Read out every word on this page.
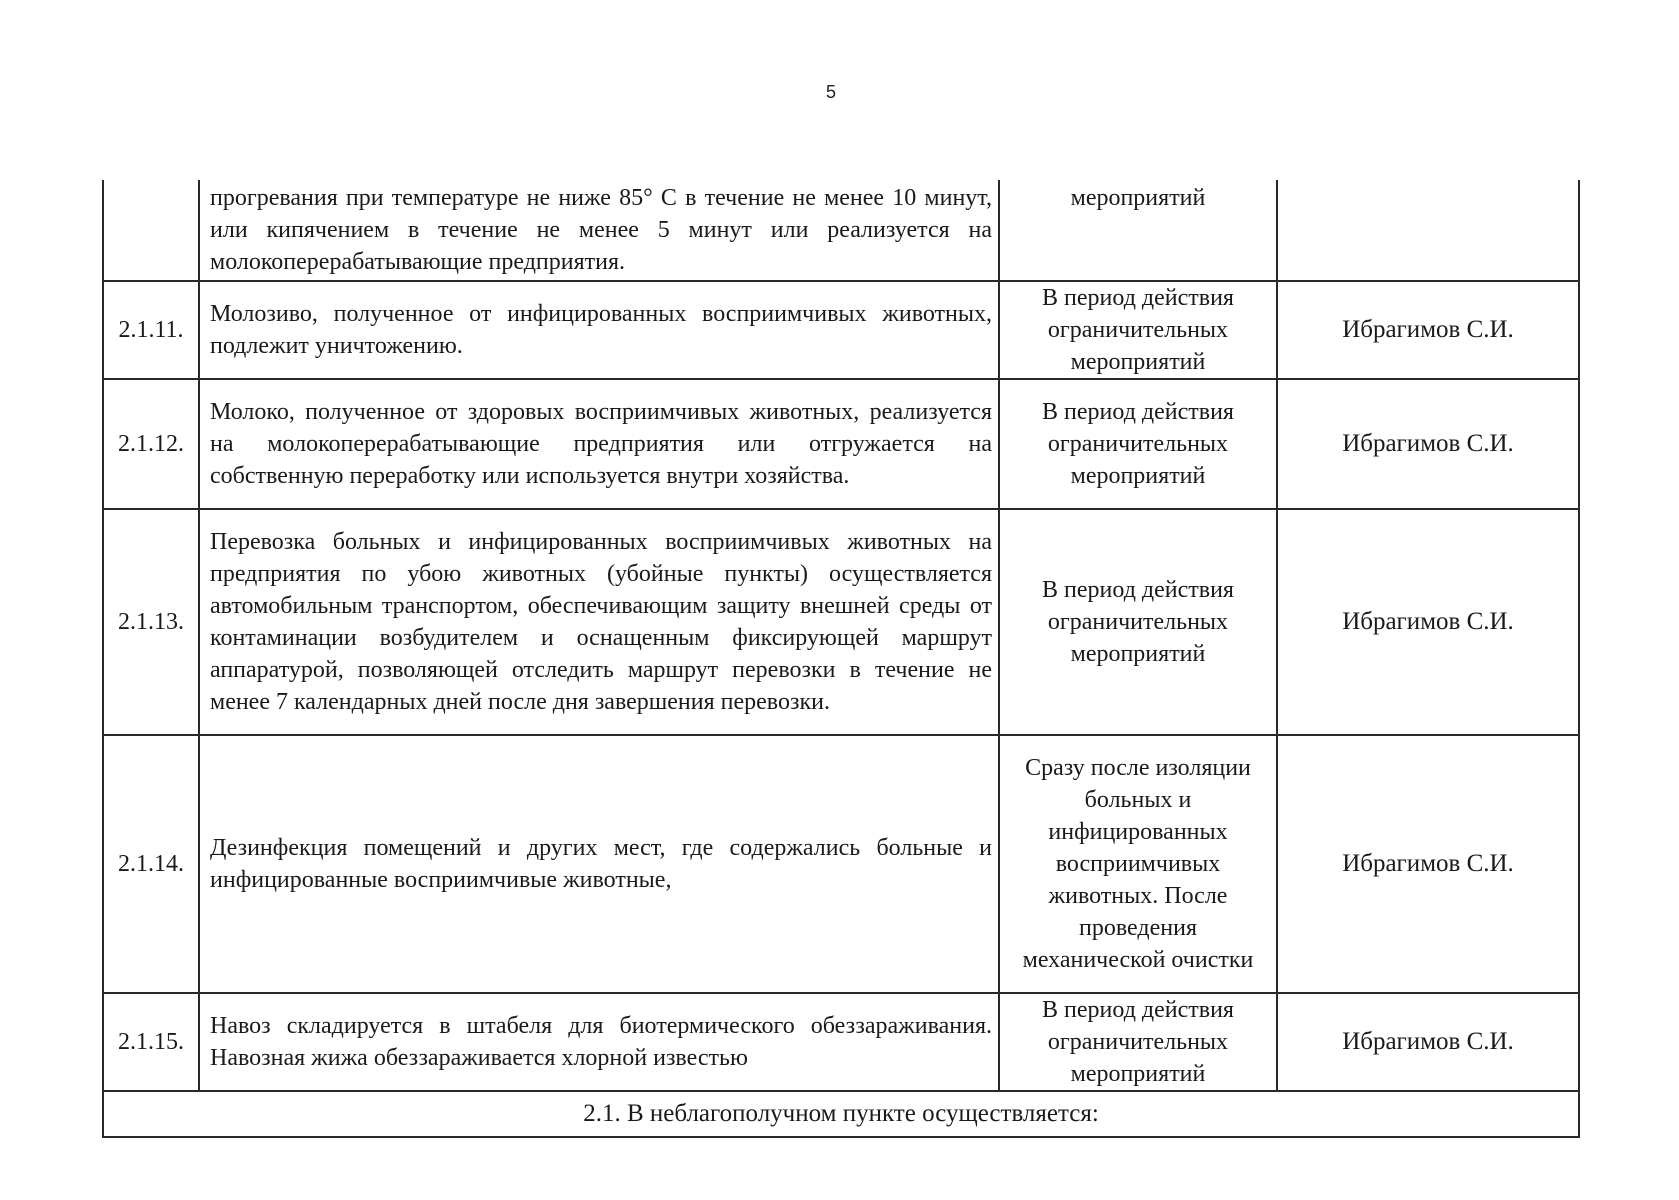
5

	прогревания при температуре не ниже 85° С в течение не менее 10 минут, или кипячением в течение не менее 5 минут или реализуется на молокоперерабатывающие предприятия.	мероприятий	

2.1.11.	Молозиво, полученное от инфицированных восприимчивых животных, подлежит уничтожению.	В период действия ограничительных мероприятий	Ибрагимов С.И.
2.1.12.	Молоко, полученное от здоровых восприимчивых животных, реализуется на молокоперерабатывающие предприятия или отгружается на собственную переработку или используется внутри хозяйства.	В период действия ограничительных мероприятий	Ибрагимов С.И.
2.1.13.	Перевозка больных и инфицированных восприимчивых животных на предприятия по убою животных (убойные пункты) осуществляется автомобильным транспортом, обеспечивающим защиту внешней среды от контаминации возбудителем и оснащенным фиксирующей маршрут аппаратурой, позволяющей отследить маршрут перевозки в течение не менее 7 календарных дней после дня завершения перевозки.	В период действия ограничительных мероприятий	Ибрагимов С.И.
2.1.14.	Дезинфекция помещений и других мест, где содержались больные и инфицированные восприимчивые животные,	Сразу после изоляции больных и инфицированных восприимчивых животных. После проведения механической очистки	Ибрагимов С.И.
2.1.15.	Навоз складируется в штабеля для биотермического обеззараживания. Навозная жижа обеззараживается хлорной известью	В период действия ограничительных мероприятий	Ибрагимов С.И.
2.1. В неблагополучном пункте осуществляется:			
